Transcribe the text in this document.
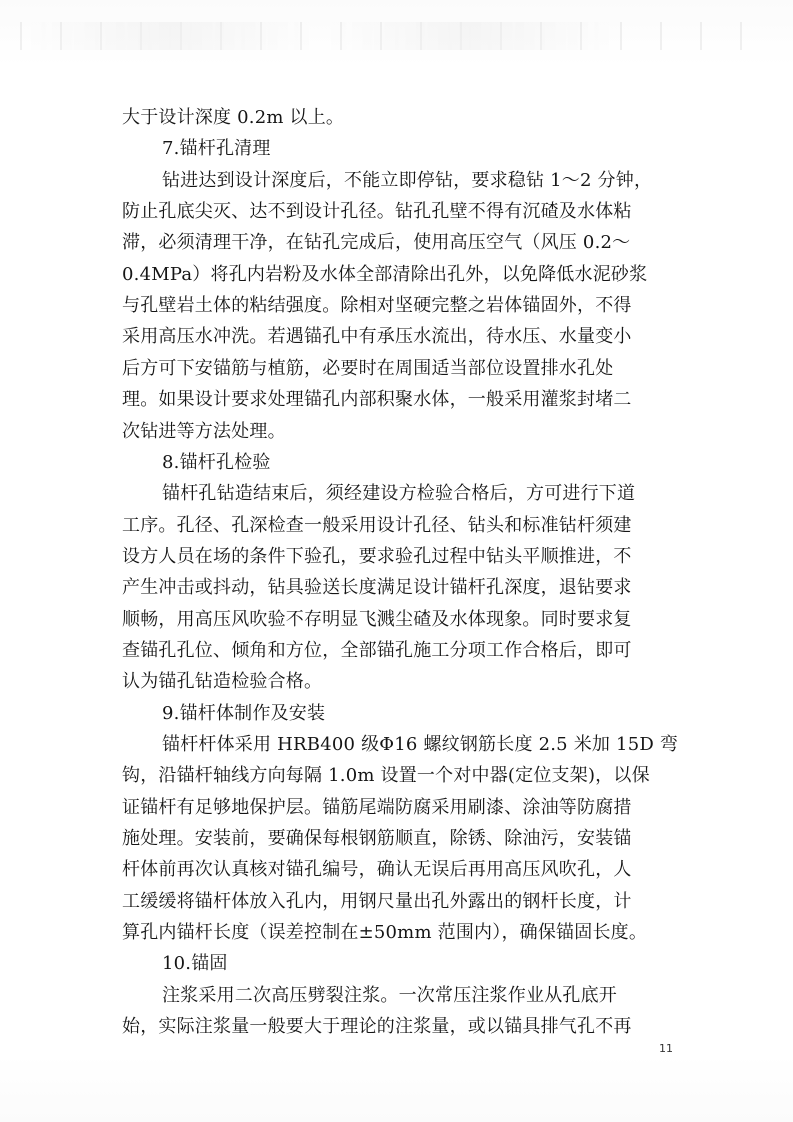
大于设计深度 0.2m 以上。
7.锚杆孔清理
钻进达到设计深度后，不能立即停钻，要求稳钻 1～2 分钟，
防止孔底尖灭、达不到设计孔径。钻孔孔壁不得有沉碴及水体粘
滞，必须清理干净，在钻孔完成后，使用高压空气（风压 0.2～
0.4MPa）将孔内岩粉及水体全部清除出孔外，以免降低水泥砂浆
与孔壁岩土体的粘结强度。除相对坚硬完整之岩体锚固外，不得
采用高压水冲洗。若遇锚孔中有承压水流出，待水压、水量变小
后方可下安锚筋与植筋，必要时在周围适当部位设置排水孔处
理。如果设计要求处理锚孔内部积聚水体，一般采用灌浆封堵二
次钻进等方法处理。
8.锚杆孔检验
锚杆孔钻造结束后，须经建设方检验合格后，方可进行下道
工序。孔径、孔深检查一般采用设计孔径、钻头和标准钻杆须建
设方人员在场的条件下验孔，要求验孔过程中钻头平顺推进，不
产生冲击或抖动，钻具验送长度满足设计锚杆孔深度，退钻要求
顺畅，用高压风吹验不存明显飞溅尘碴及水体现象。同时要求复
查锚孔孔位、倾角和方位，全部锚孔施工分项工作合格后，即可
认为锚孔钻造检验合格。
9.锚杆体制作及安装
锚杆杆体采用 HRB400 级Φ16 螺纹钢筋长度 2.5 米加 15D 弯
钩，沿锚杆轴线方向每隔 1.0m 设置一个对中器(定位支架)，以保
证锚杆有足够地保护层。锚筋尾端防腐采用刷漆、涂油等防腐措
施处理。安装前，要确保每根钢筋顺直，除锈、除油污，安装锚
杆体前再次认真核对锚孔编号，确认无误后再用高压风吹孔，人
工缓缓将锚杆体放入孔内，用钢尺量出孔外露出的钢杆长度，计
算孔内锚杆长度（误差控制在±50mm 范围内），确保锚固长度。
10.锚固
注浆采用二次高压劈裂注浆。一次常压注浆作业从孔底开
始，实际注浆量一般要大于理论的注浆量，或以锚具排气孔不再
11
